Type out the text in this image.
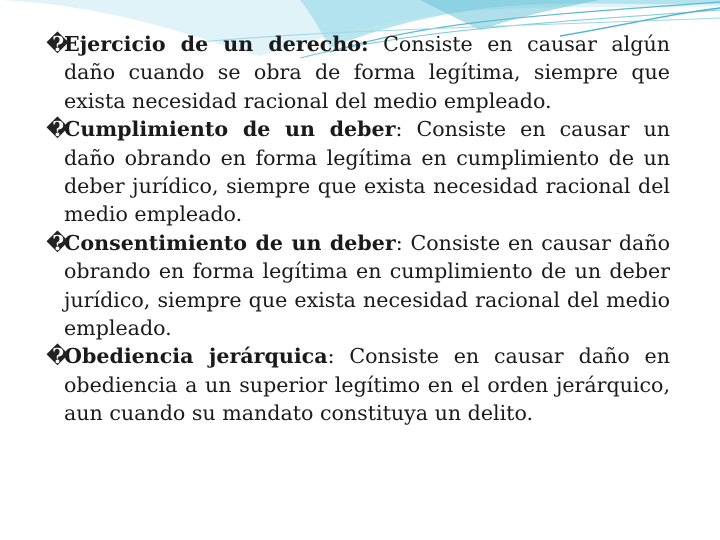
�
Ejercicio de un derecho: Consiste en causar algún daño cuando se obra de forma legítima, siempre que exista necesidad racional del medio empleado.

�
Cumplimiento de un deber: Consiste en causar un daño obrando en forma legítima en cumplimiento de un deber jurídico, siempre que exista necesidad racional del medio empleado.

�
Consentimiento de un deber: Consiste en causar daño obrando en forma legítima en cumplimiento de un deber jurídico, siempre que exista necesidad racional del medio empleado.

�
Obediencia jerárquica: Consiste en causar daño en obediencia a un superior legítimo en el orden jerárquico, aun cuando su mandato constituya un delito.
